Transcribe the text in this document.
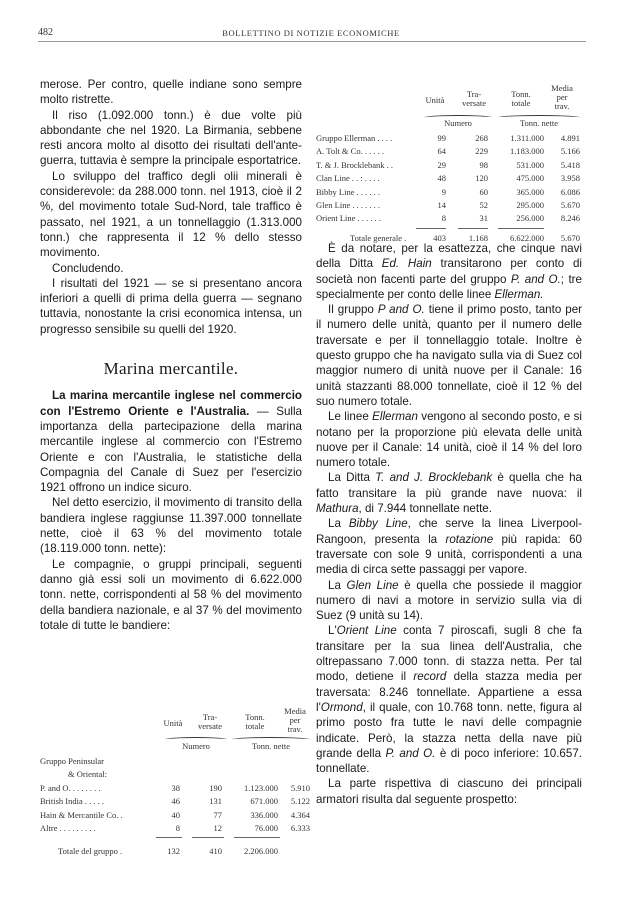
482	BOLLETTINO DI NOTIZIE ECONOMICHE

merose. Per contro, quelle indiane sono sempre molto ristrette.

Il riso (1.092.000 tonn.) è due volte più abbondante che nel 1920. La Birmania, sebbene resti ancora molto al disotto dei risultati dell'ante-guerra, tuttavia è sempre la principale esportatrice.

Lo sviluppo del traffico degli olii minerali è considerevole: da 288.000 tonn. nel 1913, cioè il 2 %, del movimento totale Sud-Nord, tale traffico è passato, nel 1921, a un tonnellaggio (1.313.000 tonn.) che rappresenta il 12 % dello stesso movimento.

Concludendo.

I risultati del 1921 — se si presentano ancora inferiori a quelli di prima della guerra — segnano tuttavia, nonostante la crisi economica intensa, un progresso sensibile su quelli del 1920.

Marina mercantile.

La marina mercantile inglese nel commercio con l'Estremo Oriente e l'Australia. — Sulla importanza della partecipazione della marina mercantile inglese al commercio con l'Estremo Oriente e con l'Australia, le statistiche della Compagnia del Canale di Suez per l'esercizio 1921 offrono un indice sicuro.

Nel detto esercizio, il movimento di transito della bandiera inglese raggiunse 11.397.000 tonnellate nette, cioè il 63 % del movimento totale (18.119.000 tonn. nette):

Le compagnie, o gruppi principali, seguenti danno già essi soli un movimento di 6.622.000 tonn. nette, corrispondenti al 58 % del movimento della bandiera nazionale, e al 37 % del movimento totale di tutte le bandiere:

Unità
Tra-
versate
Tonn.
totale
Media
per
trav.
Numero	Tonn. nette
Gruppo Peninsular
& Oriental:
P. and O. . . . . . . .	38	190	1.123.000	5.910
British India . . . . .	46	131	671.000	5.122
Hain & Mercantile Co. .	40	77	336.000	4.364
Altre . . . . . . . . .	8	12	76.000	6.333
Totale del gruppo .	132	410	2.206.000
Unità
Tra-
versate
Tonn.
totale
Media
per
trav.
Numero	Tonn. nette
Gruppo Ellerman . . . .	99	268	1.311.000	4.891
A. Tolt & Co. . . . . .	64	229	1.183.000	5.166
T. & J. Brocklebank . .	29	98	531.000	5.418
Clan Line . . : . . . .	48	120	475.000	3.958
Bibby Line . . . . . .	9	60	365.000	6.086
Glen Line . . . . . . .	14	52	295.000	5.670
Orient Line . . . . . .	8	31	256.000	8.246
Totale generale .	403	1.168	6.622.000	5.670

È da notare, per la esattezza, che cinque navi della Ditta Ed. Hain transitarono per conto di società non facenti parte del gruppo P. and O.; tre specialmente per conto delle linee Ellerman.

Il gruppo P and O. tiene il primo posto, tanto per il numero delle unità, quanto per il numero delle traversate e per il tonnellaggio totale. Inoltre è questo gruppo che ha navigato sulla via di Suez col maggior numero di unità nuove per il Canale: 16 unità stazzanti 88.000 tonnellate, cioè il 12 % del suo numero totale.

Le linee Ellerman vengono al secondo posto, e si notano per la proporzione più elevata delle unità nuove per il Canale: 14 unità, cioè il 14 % del loro numero totale.

La Ditta T. and J. Brocklebank è quella che ha fatto transitare la più grande nave nuova: il Mathura, di 7.944 tonnellate nette.

La Bibby Line, che serve la linea Liverpool-Rangoon, presenta la rotazione più rapida: 60 traversate con sole 9 unità, corrispondenti a una media di circa sette passaggi per vapore.

La Glen Line è quella che possiede il maggior numero di navi a motore in servizio sulla via di Suez (9 unità su 14).

L'Orient Line conta 7 piroscafi, sugli 8 che fa transitare per la sua linea dell'Australia, che oltrepassano 7.000 tonn. di stazza netta. Per tal modo, detiene il record della stazza media per traversata: 8.246 tonnellate. Appartiene a essa l'Ormond, il quale, con 10.768 tonn. nette, figura al primo posto fra tutte le navi delle compagnie indicate. Però, la stazza netta della nave più grande della P. and O. è di poco inferiore: 10.657. tonnellate.

La parte rispettiva di ciascuno dei principali armatori risulta dal seguente prospetto:
